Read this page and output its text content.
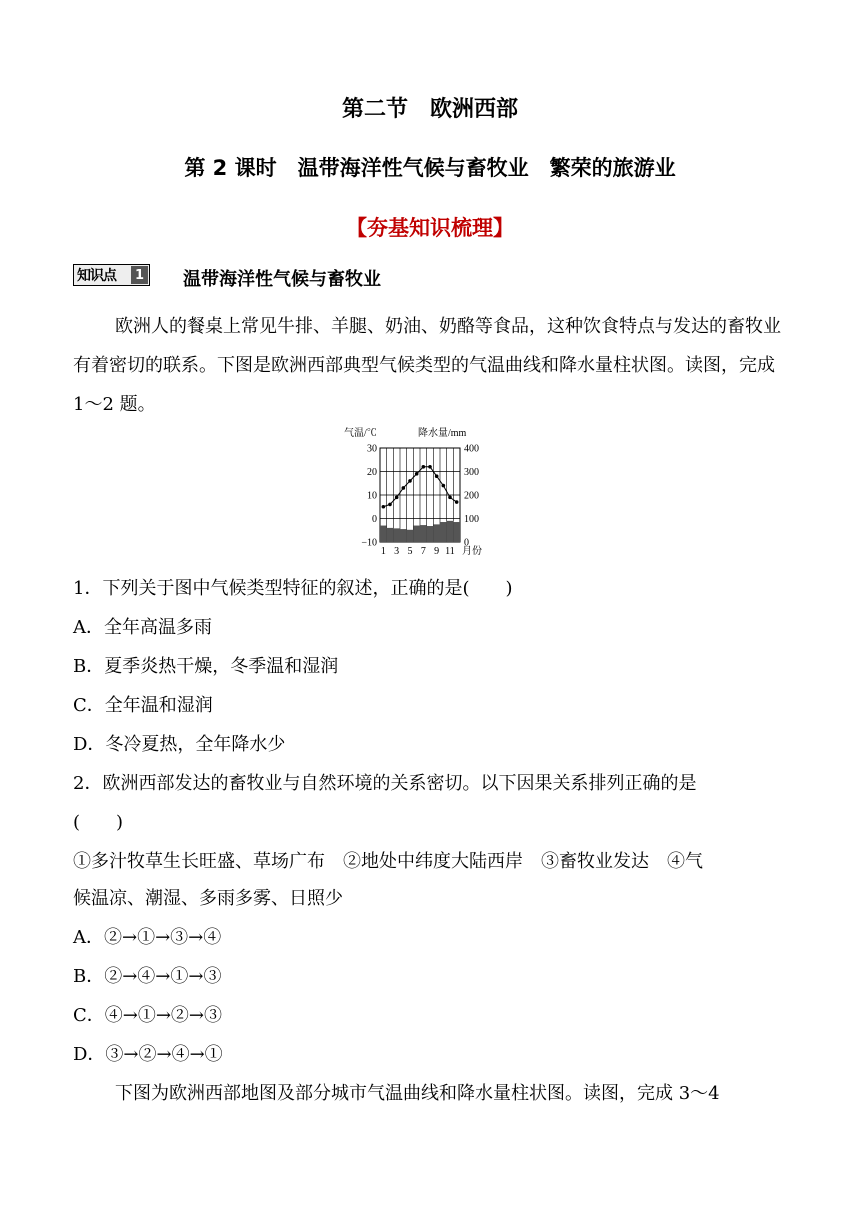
第二节　欧洲西部
第 2 课时　温带海洋性气候与畜牧业　繁荣的旅游业
【夯基知识梳理】
知识点	1 温带海洋性气候与畜牧业
欧洲人的餐桌上常见牛排、羊腿、奶油、奶酪等食品，这种饮食特点与发达的畜牧业有着密切的联系。下图是欧洲西部典型气候类型的气温曲线和降水量柱状图。读图，完成 1～2 题。
气温/℃	降水量/mm
30
20
10
0
−10
400
300
200
100
0
1 3 5 7 9 11 月份
1．下列关于图中气候类型特征的叙述，正确的是(　　)
A．全年高温多雨
B．夏季炎热干燥，冬季温和湿润
C．全年温和湿润
D．冬冷夏热，全年降水少
2．欧洲西部发达的畜牧业与自然环境的关系密切。以下因果关系排列正确的是
(　　)
①多汁牧草生长旺盛、草场广布　②地处中纬度大陆西岸　③畜牧业发达　④气
候温凉、潮湿、多雨多雾、日照少
A．②→①→③→④
B．②→④→①→③
C．④→①→②→③
D．③→②→④→①
下图为欧洲西部地图及部分城市气温曲线和降水量柱状图。读图，完成 3～4
